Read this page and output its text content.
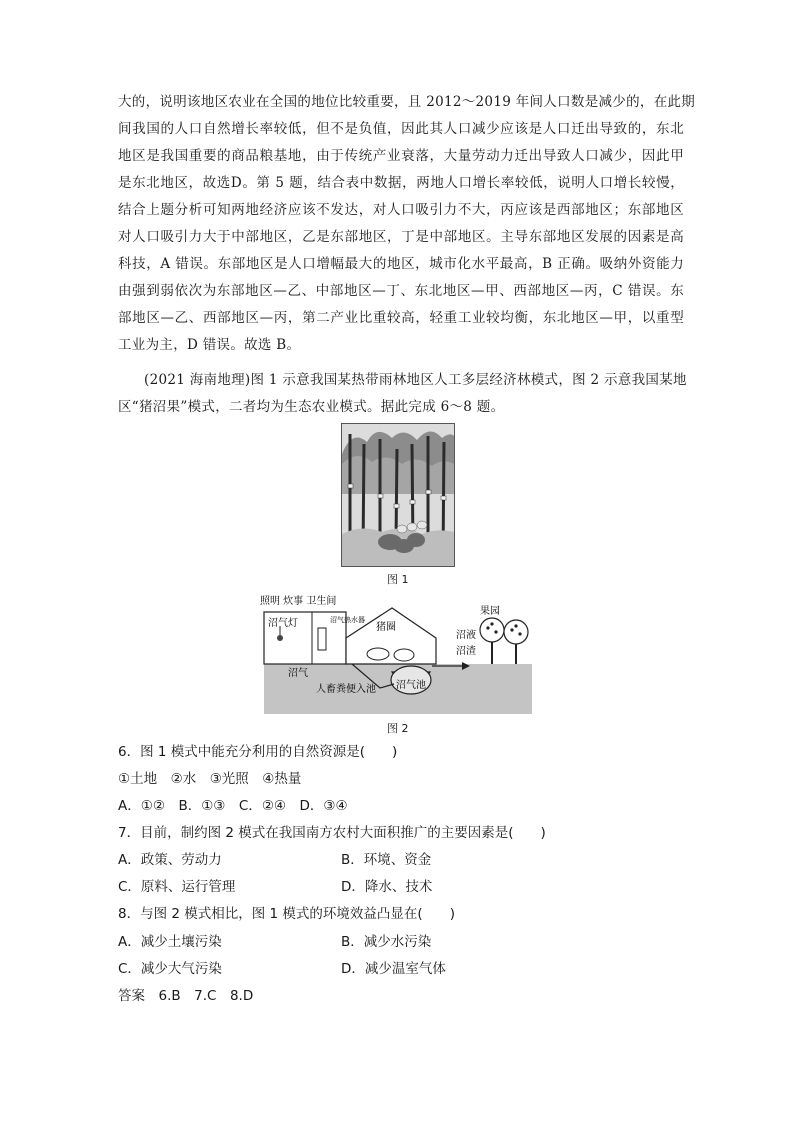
大的，说明该地区农业在全国的地位比较重要，且 2012～2019 年间人口数是减少的，在此期
间我国的人口自然增长率较低，但不是负值，因此其人口减少应该是人口迁出导致的，东北
地区是我国重要的商品粮基地，由于传统产业衰落，大量劳动力迁出导致人口减少，因此甲
是东北地区，故选D。第 5 题，结合表中数据，两地人口增长率较低，说明人口增长较慢，
结合上题分析可知两地经济应该不发达，对人口吸引力不大，丙应该是西部地区；东部地区
对人口吸引力大于中部地区，乙是东部地区，丁是中部地区。主导东部地区发展的因素是高
科技，A 错误。东部地区是人口增幅最大的地区，城市化水平最高，B 正确。吸纳外资能力
由强到弱依次为东部地区—乙、中部地区—丁、东北地区—甲、西部地区—丙，C 错误。东
部地区—乙、西部地区—丙，第二产业比重较高，轻重工业较均衡，东北地区—甲，以重型
工业为主，D 错误。故选 B。
(2021 海南地理)图 1 示意我国某热带雨林地区人工多层经济林模式，图 2 示意我国某地
区“猪沼果”模式，二者均为生态农业模式。据此完成 6～8 题。
图 1
照明 炊事 卫生间
沼气灯	沼气热水器
猪圈
沼液
沼渣
果园
沼气
人畜粪便入池 沼气池
图 2
6．图 1 模式中能充分利用的自然资源是(　　)
①土地　②水　③光照　④热量
A．①②　B．①③　C．②④　D．③④
7．目前，制约图 2 模式在我国南方农村大面积推广的主要因素是(　　)
A．政策、劳动力	B．环境、资金
C．原料、运行管理	D．降水、技术
8．与图 2 模式相比，图 1 模式的环境效益凸显在(　　)
A．减少土壤污染	B．减少水污染
C．减少大气污染	D．减少温室气体
答案　6.B　7.C　8.D
